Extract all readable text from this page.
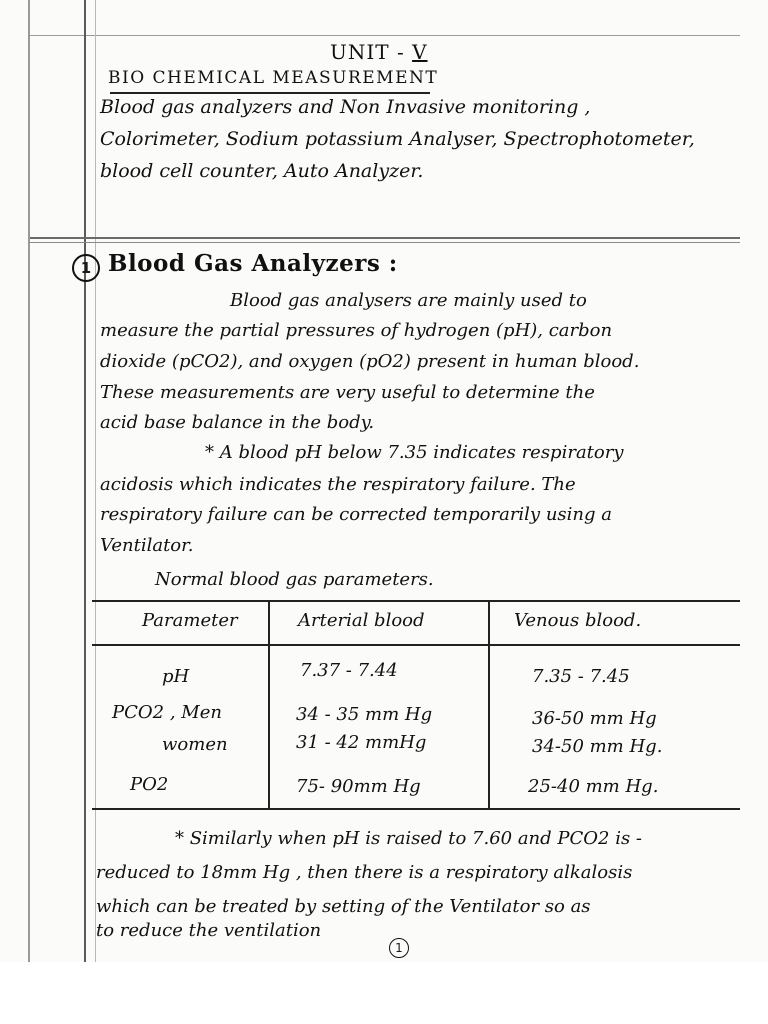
UNIT - V
BIO CHEMICAL MEASUREMENT
Blood gas analyzers and Non Invasive monitoring ,
Colorimeter, Sodium potassium Analyser, Spectrophotometer,
blood cell counter, Auto Analyzer.
1 Blood Gas Analyzers :
Blood gas analysers are mainly used to
measure the partial pressures of hydrogen (pH), carbon
dioxide (pCO2), and oxygen (pO2) present in human blood.
These measurements are very useful to determine the
acid base balance in the body.
* A blood pH below 7.35 indicates respiratory
acidosis which indicates the respiratory failure. The
respiratory failure can be corrected temporarily using a
Ventilator.
Normal blood gas parameters.
Parameter	Arterial blood	Venous blood.
pH	7.37 - 7.44	7.35 - 7.45
PCO2 , Men	34 - 35 mm Hg	36-50 mm Hg
women	31 - 42 mmHg	34-50 mm Hg.
PO2	75- 90mm Hg	25-40 mm Hg.
* Similarly when pH is raised to 7.60 and PCO2 is -
reduced to 18mm Hg , then there is a respiratory alkalosis
which can be treated by setting of the Ventilator so as
to reduce the ventilation
1
